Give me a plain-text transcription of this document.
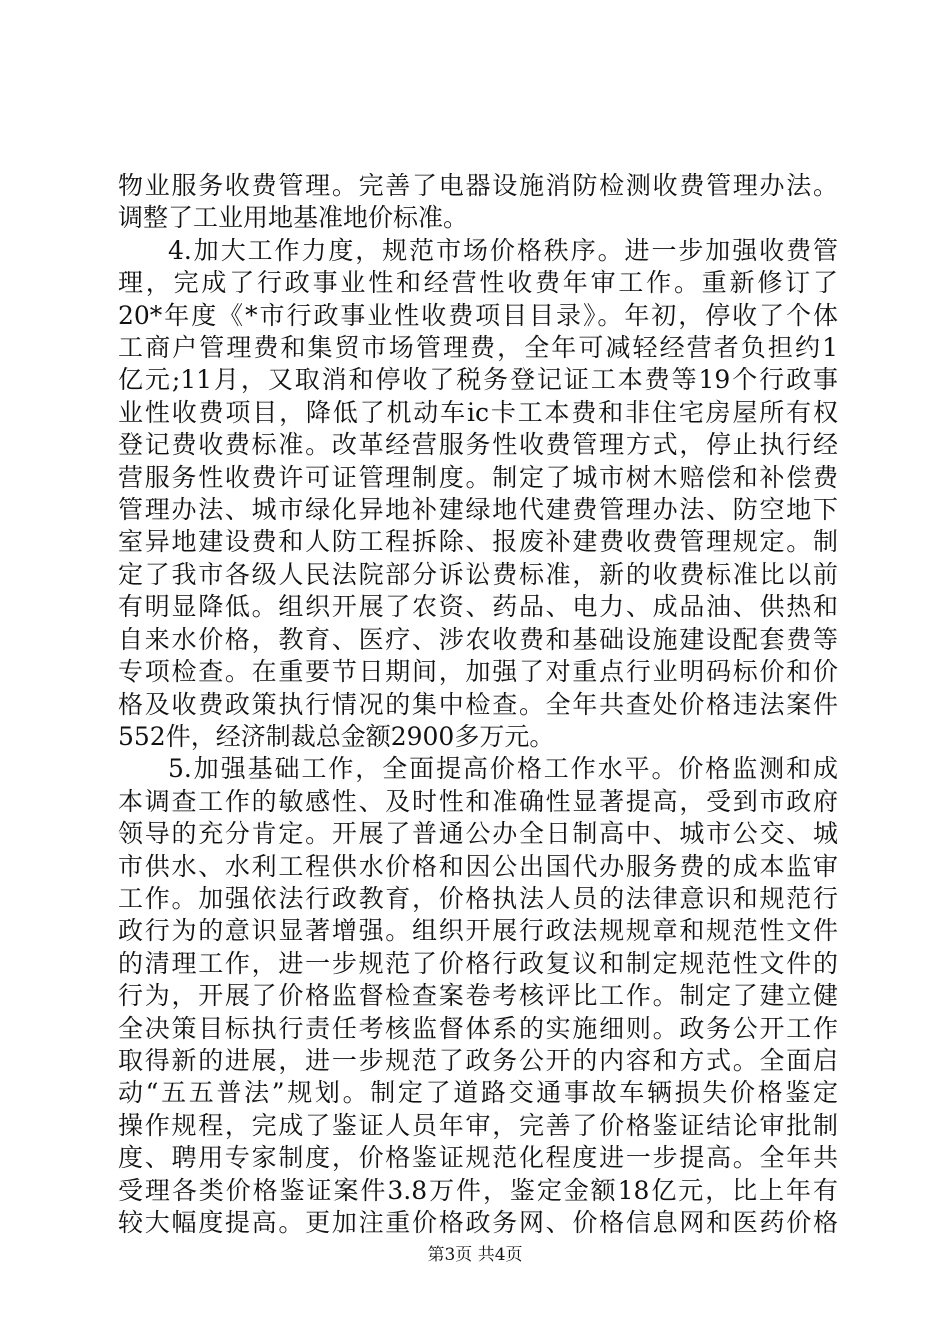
物业服务收费管理。完善了电器设施消防检测收费管理办法。
调整了工业用地基准地价标准。
4.加大工作力度，规范市场价格秩序。进一步加强收费管
理，完成了行政事业性和经营性收费年审工作。重新修订了
20*年度《*市行政事业性收费项目目录》。年初，停收了个体
工商户管理费和集贸市场管理费，全年可减轻经营者负担约1
亿元;11月，又取消和停收了税务登记证工本费等19个行政事
业性收费项目，降低了机动车ic卡工本费和非住宅房屋所有权
登记费收费标准。改革经营服务性收费管理方式，停止执行经
营服务性收费许可证管理制度。制定了城市树木赔偿和补偿费
管理办法、城市绿化异地补建绿地代建费管理办法、防空地下
室异地建设费和人防工程拆除、报废补建费收费管理规定。制
定了我市各级人民法院部分诉讼费标准，新的收费标准比以前
有明显降低。组织开展了农资、药品、电力、成品油、供热和
自来水价格，教育、医疗、涉农收费和基础设施建设配套费等
专项检查。在重要节日期间，加强了对重点行业明码标价和价
格及收费政策执行情况的集中检查。全年共查处价格违法案件
552件，经济制裁总金额2900多万元。
5.加强基础工作，全面提高价格工作水平。价格监测和成
本调查工作的敏感性、及时性和准确性显著提高，受到市政府
领导的充分肯定。开展了普通公办全日制高中、城市公交、城
市供水、水利工程供水价格和因公出国代办服务费的成本监审
工作。加强依法行政教育，价格执法人员的法律意识和规范行
政行为的意识显著增强。组织开展行政法规规章和规范性文件
的清理工作，进一步规范了价格行政复议和制定规范性文件的
行为，开展了价格监督检查案卷考核评比工作。制定了建立健
全决策目标执行责任考核监督体系的实施细则。政务公开工作
取得新的进展，进一步规范了政务公开的内容和方式。全面启
动“五五普法”规划。制定了道路交通事故车辆损失价格鉴定
操作规程，完成了鉴证人员年审，完善了价格鉴证结论审批制
度、聘用专家制度，价格鉴证规范化程度进一步提高。全年共
受理各类价格鉴证案件3.8万件，鉴定金额18亿元，比上年有
较大幅度提高。更加注重价格政务网、价格信息网和医药价格
第3页 共4页
